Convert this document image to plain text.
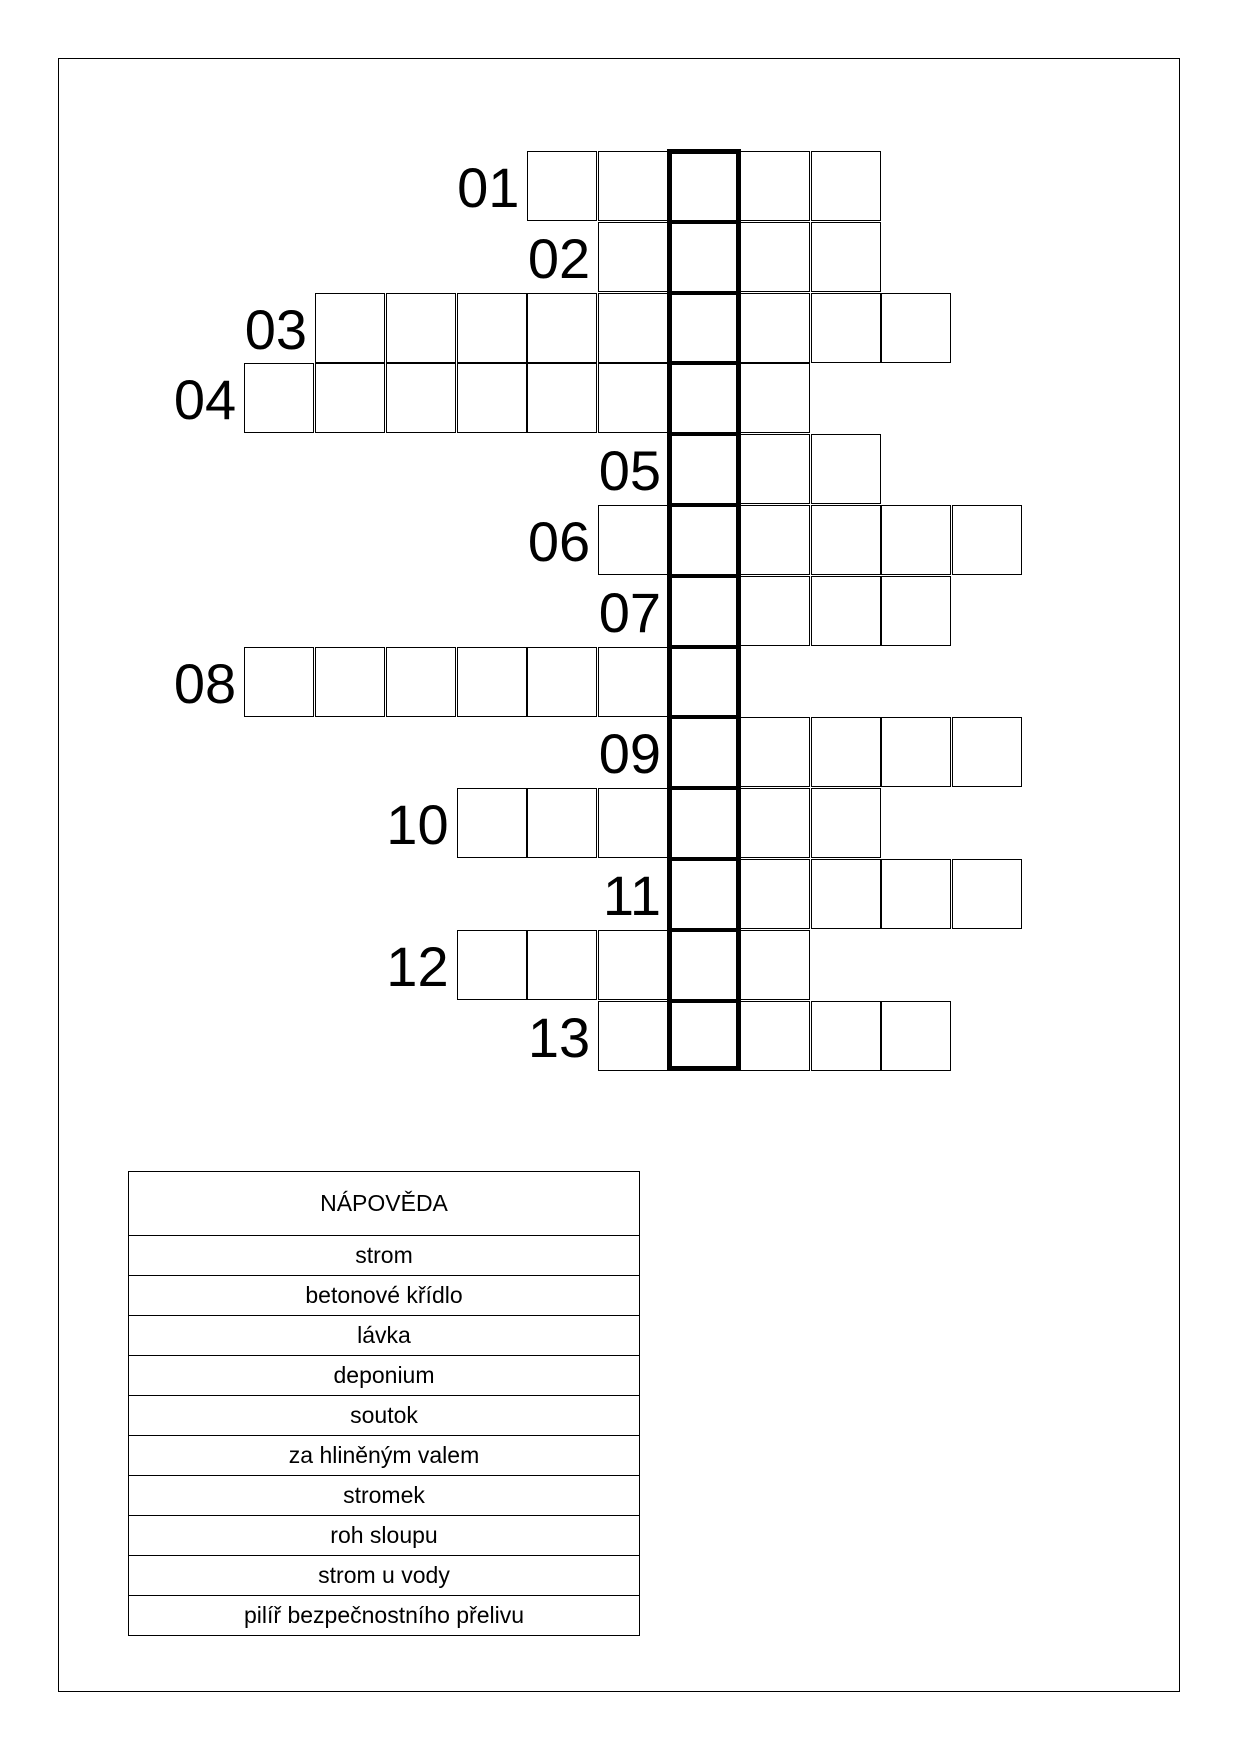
01
02
03
04
05
06
07
08
09
10
11
12
13
NÁPOVĚDA
strom
betonové křídlo
lávka
deponium
soutok
za hliněným valem
stromek
roh sloupu
strom u vody
pilíř bezpečnostního přelivu
